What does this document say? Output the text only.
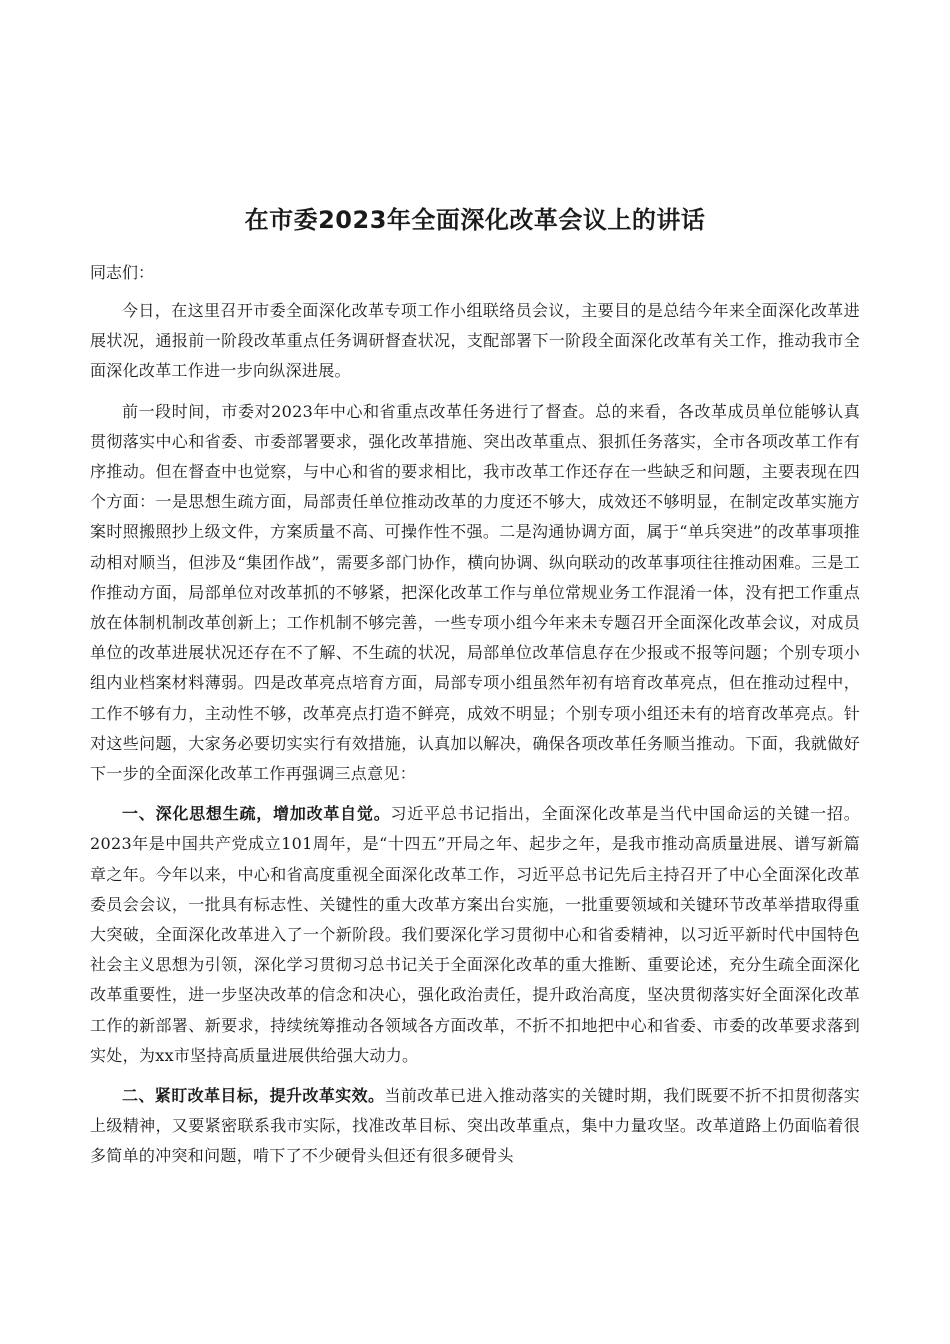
在市委2023年全面深化改革会议上的讲话

同志们：

今日，在这里召开市委全面深化改革专项工作小组联络员会议，主要目的是总结今年来全面深化改革进展状况，通报前一阶段改革重点任务调研督查状况，支配部署下一阶段全面深化改革有关工作，推动我市全面深化改革工作进一步向纵深进展。

前一段时间，市委对2023年中心和省重点改革任务进行了督查。总的来看，各改革成员单位能够认真贯彻落实中心和省委、市委部署要求，强化改革措施、突出改革重点、狠抓任务落实，全市各项改革工作有序推动。但在督查中也觉察，与中心和省的要求相比，我市改革工作还存在一些缺乏和问题，主要表现在四个方面：一是思想生疏方面，局部责任单位推动改革的力度还不够大，成效还不够明显，在制定改革实施方案时照搬照抄上级文件，方案质量不高、可操作性不强。二是沟通协调方面，属于“单兵突进”的改革事项推动相对顺当，但涉及“集团作战”，需要多部门协作，横向协调、纵向联动的改革事项往往推动困难。三是工作推动方面，局部单位对改革抓的不够紧，把深化改革工作与单位常规业务工作混淆一体，没有把工作重点放在体制机制改革创新上；工作机制不够完善，一些专项小组今年来未专题召开全面深化改革会议，对成员单位的改革进展状况还存在不了解、不生疏的状况，局部单位改革信息存在少报或不报等问题；个别专项小组内业档案材料薄弱。四是改革亮点培育方面，局部专项小组虽然年初有培育改革亮点，但在推动过程中，工作不够有力，主动性不够，改革亮点打造不鲜亮，成效不明显；个别专项小组还未有的培育改革亮点。针对这些问题，大家务必要切实实行有效措施，认真加以解决，确保各项改革任务顺当推动。下面，我就做好下一步的全面深化改革工作再强调三点意见：

一、深化思想生疏，增加改革自觉。习近平总书记指出，全面深化改革是当代中国命运的关键一招。2023年是中国共产党成立101周年，是“十四五”开局之年、起步之年，是我市推动高质量进展、谱写新篇章之年。今年以来，中心和省高度重视全面深化改革工作，习近平总书记先后主持召开了中心全面深化改革委员会会议，一批具有标志性、关键性的重大改革方案出台实施，一批重要领域和关键环节改革举措取得重大突破，全面深化改革进入了一个新阶段。我们要深化学习贯彻中心和省委精神，以习近平新时代中国特色社会主义思想为引领，深化学习贯彻习总书记关于全面深化改革的重大推断、重要论述，充分生疏全面深化改革重要性，进一步坚决改革的信念和决心，强化政治责任，提升政治高度，坚决贯彻落实好全面深化改革工作的新部署、新要求，持续统筹推动各领域各方面改革，不折不扣地把中心和省委、市委的改革要求落到实处，为xx市坚持高质量进展供给强大动力。

二、紧盯改革目标，提升改革实效。当前改革已进入推动落实的关键时期，我们既要不折不扣贯彻落实上级精神，又要紧密联系我市实际，找准改革目标、突出改革重点，集中力量攻坚。改革道路上仍面临着很多简单的冲突和问题，啃下了不少硬骨头但还有很多硬骨头
